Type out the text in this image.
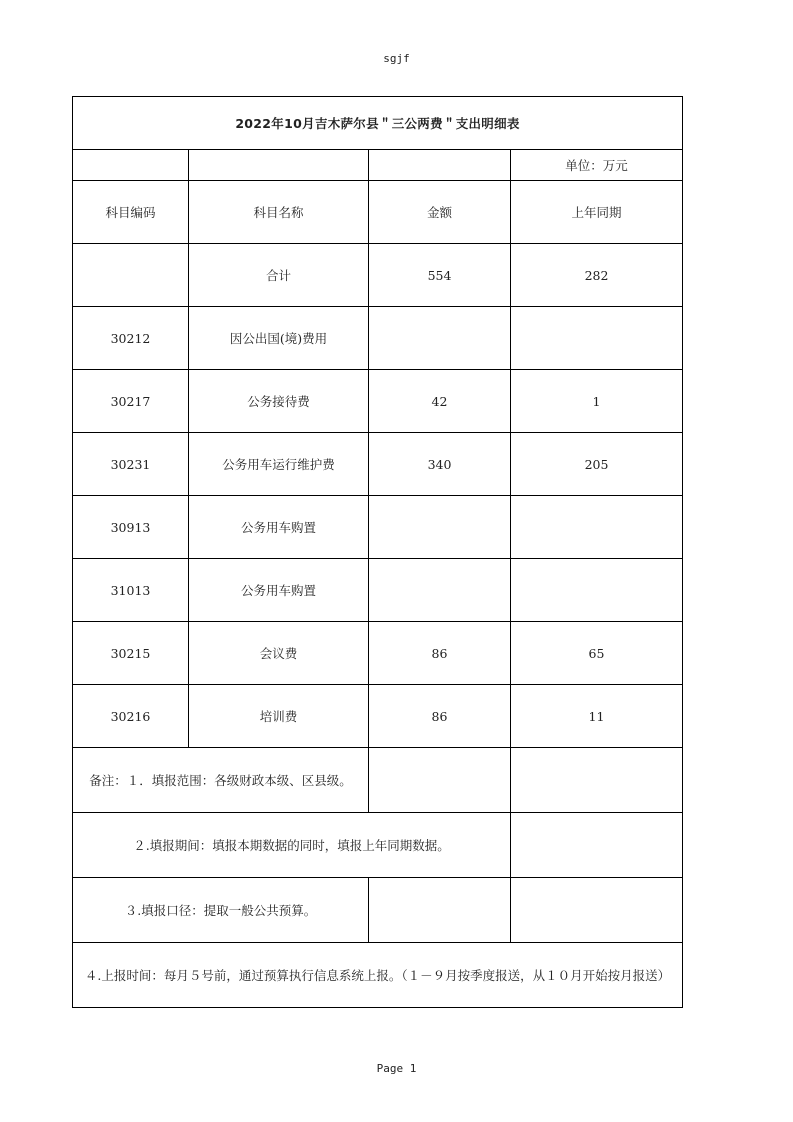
sgjf
2022年10月吉木萨尔县＂三公两费＂支出明细表			
			单位：万元
科目编码	科目名称	金额	上年同期
	合计	554	282
30212	因公出国(境)费用		
30217	公务接待费	42	1
30231	公务用车运行维护费	340	205
30913	公务用车购置		
31013	公务用车购置		
30215	会议费	86	65
30216	培训费	86	11
备注：１．填报范围：各级财政本级、区县级。			
２.填报期间：填报本期数据的同时，填报上年同期数据。			
３.填报口径：提取一般公共预算。			
４.上报时间：每月５号前，通过预算执行信息系统上报。（１－９月按季度报送，从１０月开始按月报送）			
Page 1
